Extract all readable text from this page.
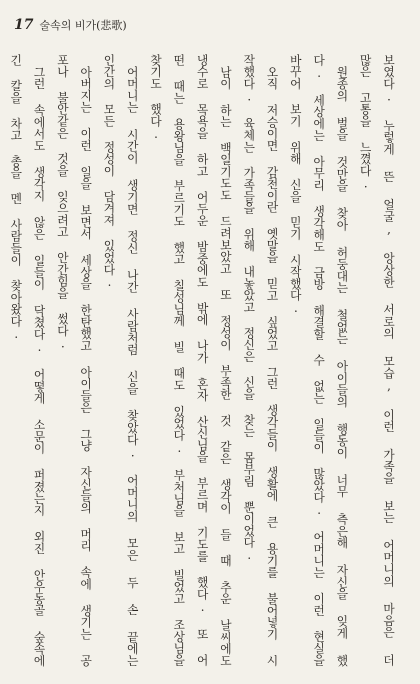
17 술속의 비가(悲歌)

보였다. 누렇게 뜬 얼굴, 앙상한 서로의 모습, 이런 가족을 보는 어머니의 마음은 더 많은 고통을 느꼈다.

원종의 벌을 것만을 찾아 허둥대는 철없는 아이들의 행동이 너무 측은해 자신을 잊게 했다. 세상에는 아무리 생각해도 금방 해결할 수 없는 일들이 많았다. 어머니는 이런 현실을 바꾸어 보기 위해 신을 믿기 시작했다.

오직 저승이면 감천이란 옛말을 믿고 싶었고 그런 생각들이 생활에 큰 용기를 불어넣기 시작했다. 육체는 가족들을 위해 내놓았고 정신은 신을 찾는 몸부림 뿐이었다.

남이 하는 백일기도도 드려보았고 또 정성이 부족한 것 같은 생각이 들 때 추운 날씨에도 냉수로 목욕을 하고 어두운 밤중에도 밖에 나가 혼자 산신님을 부르며 기도를 했다. 또 어떤 때는 용왕님을 부르기도 했고 칠성님께 빌 때도 있었다. 부처님을 보고 빌었고 조상님을 찾기도 했다.

어머니는 시간이 생기면 정신 나간 사람처럼 신을 찾았다. 어머니의 모은 두 손 끝에는 인간의 모든 정성이 담겨져 있었다.

아버지는 이런 일을 보면서 세상을 한탄했고 아이들은 그냥 자신들의 머리 속에 생기는 공포나 불안같은 것을 잊으려고 안간힘을 썼다.

그런 속에서도 생각지 않은 일들이 닥쳤다. 어떻게 소문이 퍼졌는지 외진 안우동골 숲속에 긴 칼을 차고 총을 멘 사람들이 찾아왔다.
